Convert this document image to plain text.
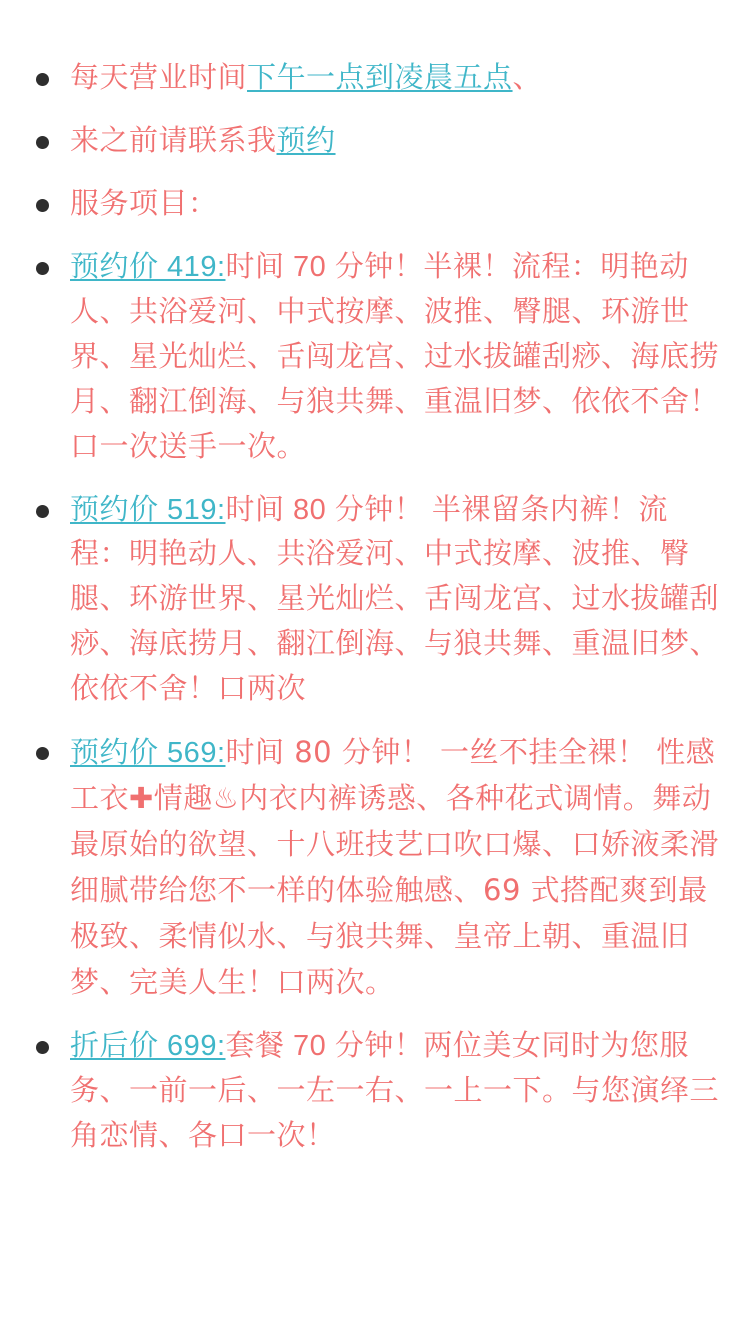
每天营业时间下午一点到凌晨五点、
来之前请联系我预约
服务项目：
预约价 419:时间 70 分钟！半裸！流程：明艳动人、共浴爱河、中式按摩、波推、臀腿、环游世界、星光灿烂、舌闯龙宫、过水拔罐刮痧、海底捞月、翻江倒海、与狼共舞、重温旧梦、依依不舍！口一次送手一次。
预约价 519:时间 80 分钟！ 半裸留条内裤！流程：明艳动人、共浴爱河、中式按摩、波推、臀腿、环游世界、星光灿烂、舌闯龙宫、过水拔罐刮痧、海底捞月、翻江倒海、与狼共舞、重温旧梦、依依不舍！口两次
预约价 569:时间 80 分钟！ 一丝不挂全裸！ 性感工衣✚情趣♨内衣内裤诱惑、各种花式调情。舞动最原始的欲望、十八班技艺口吹口爆、口娇液柔滑细腻带给您不一样的体验触感、69 式搭配爽到最极致、柔情似水、与狼共舞、皇帝上朝、重温旧梦、完美人生！口两次。
折后价 699:套餐 70 分钟！两位美女同时为您服务、一前一后、一左一右、一上一下。与您演绎三角恋情、各口一次！
